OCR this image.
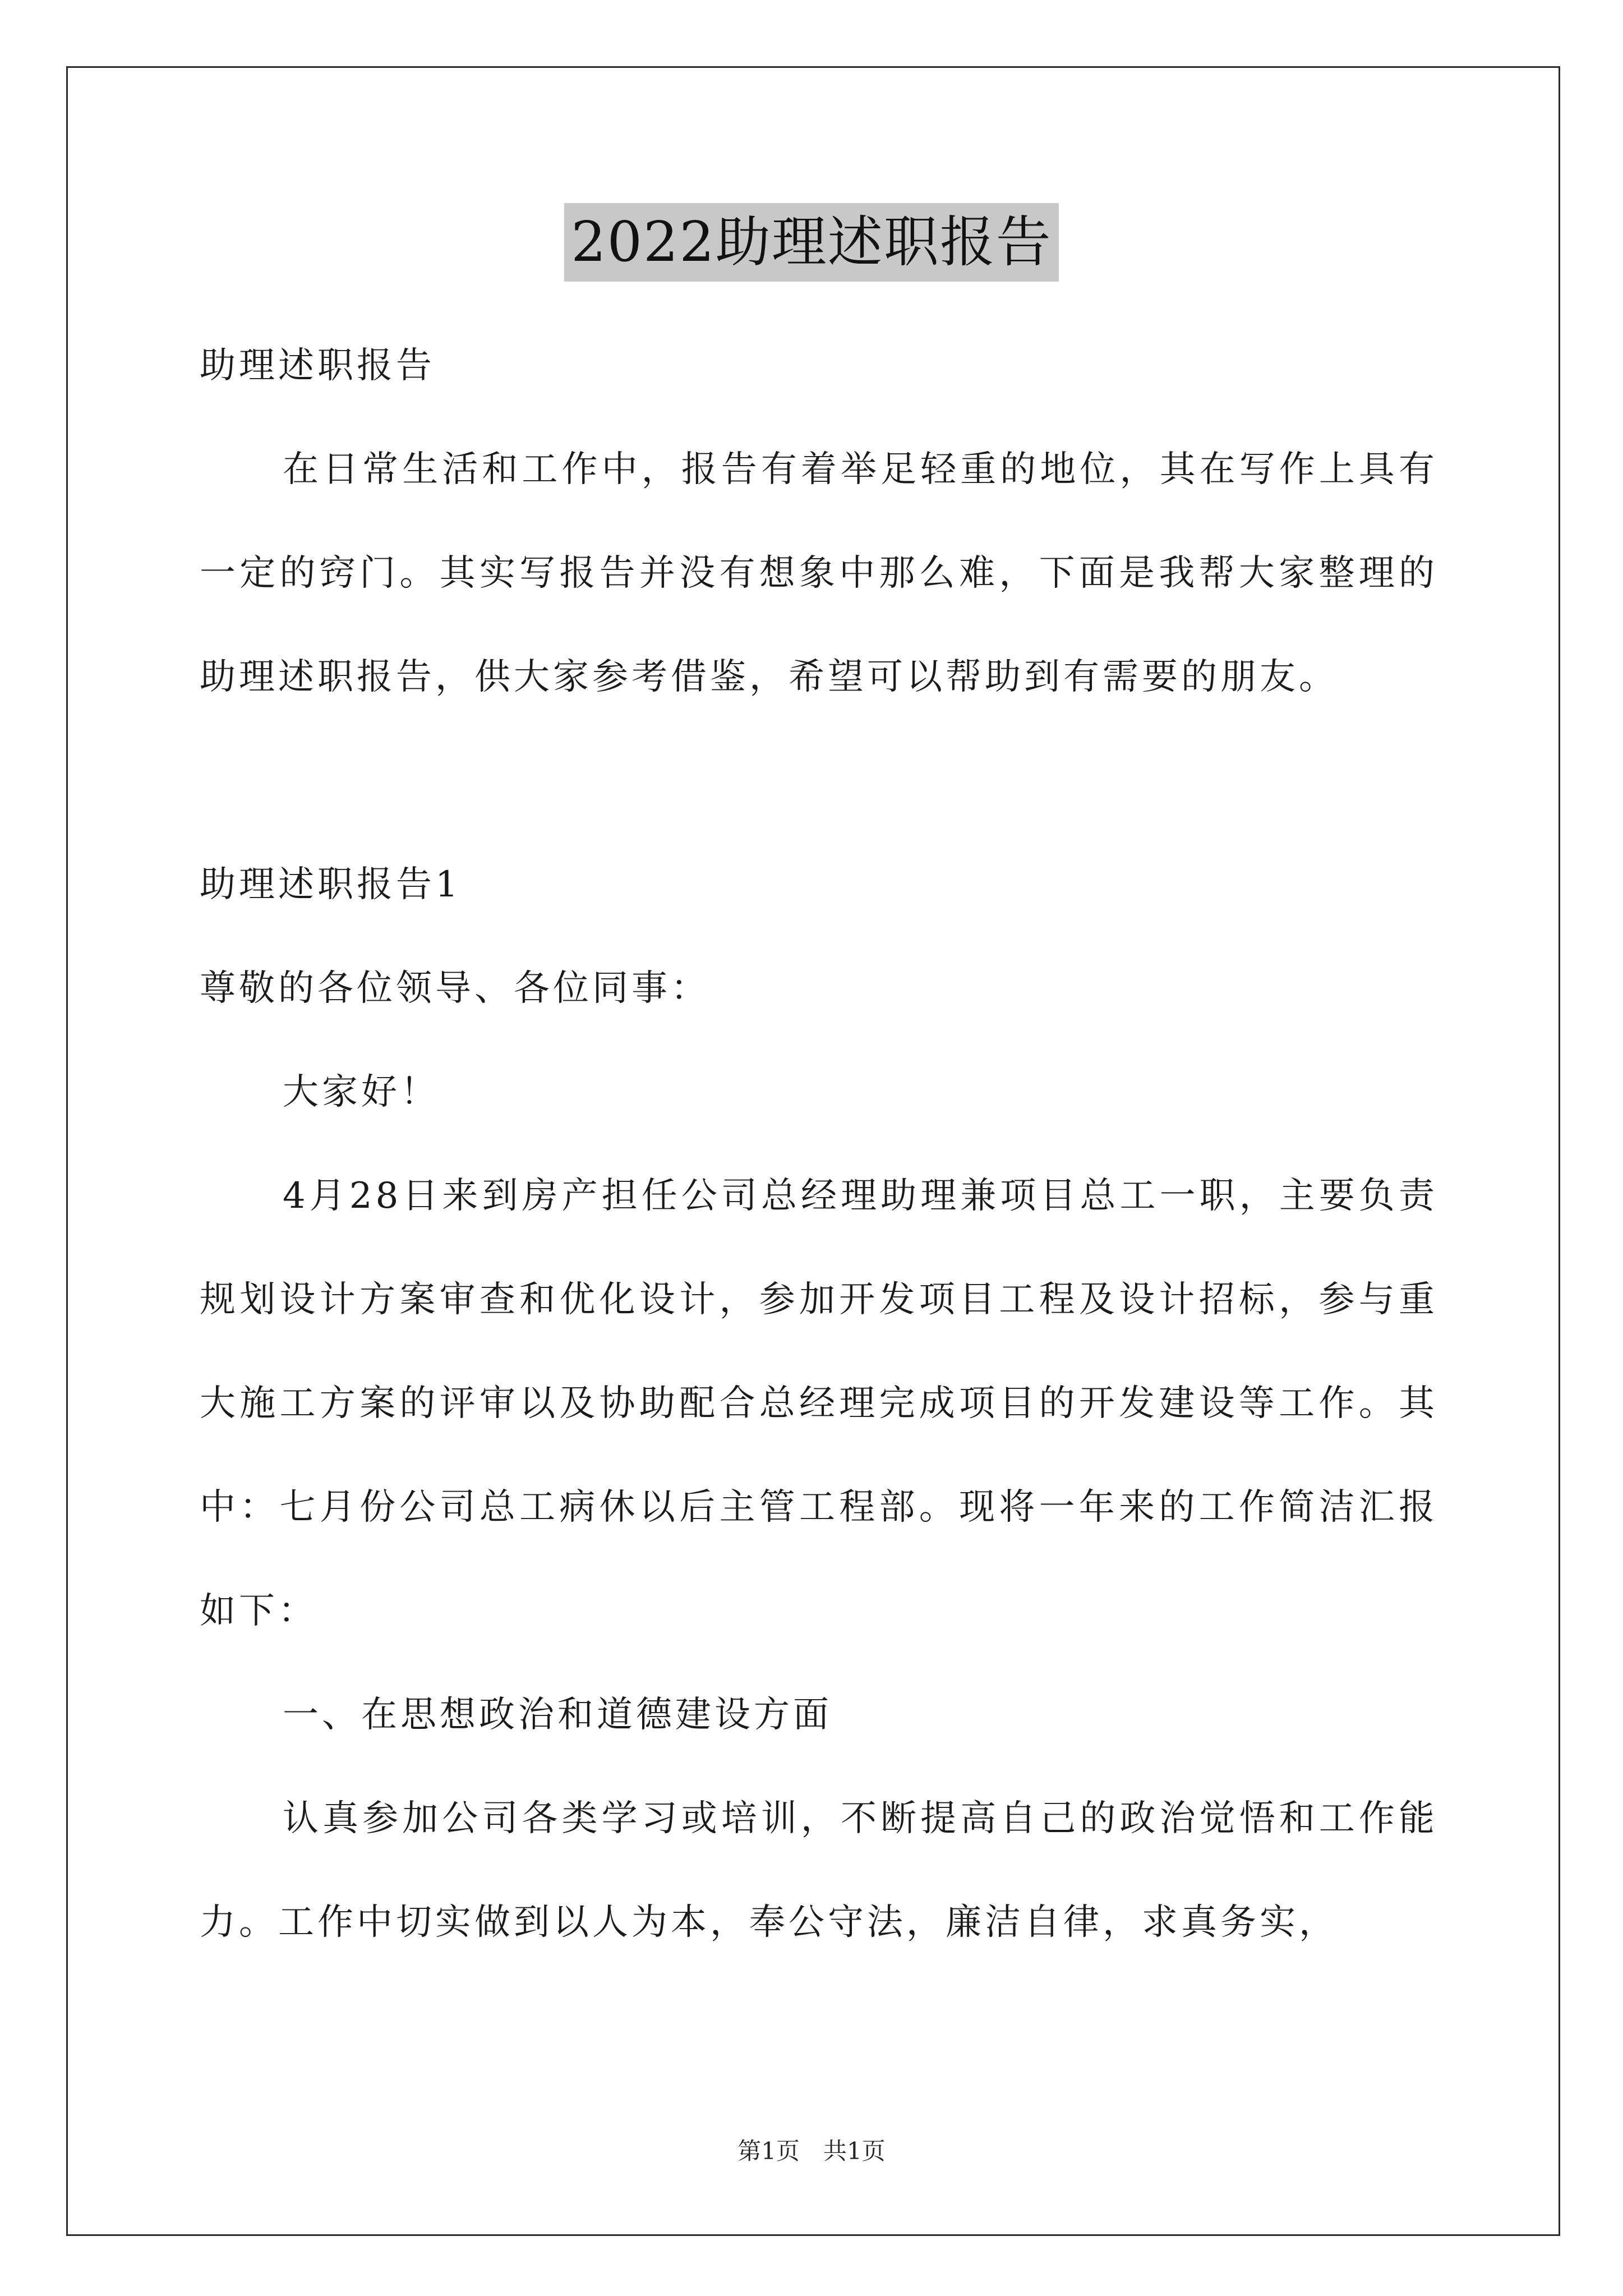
2022助理述职报告

助理述职报告

在日常生活和工作中，报告有着举足轻重的地位，其在写作上具有一定的窍门。其实写报告并没有想象中那么难，下面是我帮大家整理的助理述职报告，供大家参考借鉴，希望可以帮助到有需要的朋友。

助理述职报告1

尊敬的各位领导、各位同事：

大家好！

4月28日来到房产担任公司总经理助理兼项目总工一职，主要负责规划设计方案审查和优化设计，参加开发项目工程及设计招标，参与重大施工方案的评审以及协助配合总经理完成项目的开发建设等工作。其中：七月份公司总工病休以后主管工程部。现将一年来的工作简洁汇报如下：

一、在思想政治和道德建设方面

认真参加公司各类学习或培训，不断提高自己的政治觉悟和工作能力。工作中切实做到以人为本，奉公守法，廉洁自律，求真务实，

第1页　共1页
